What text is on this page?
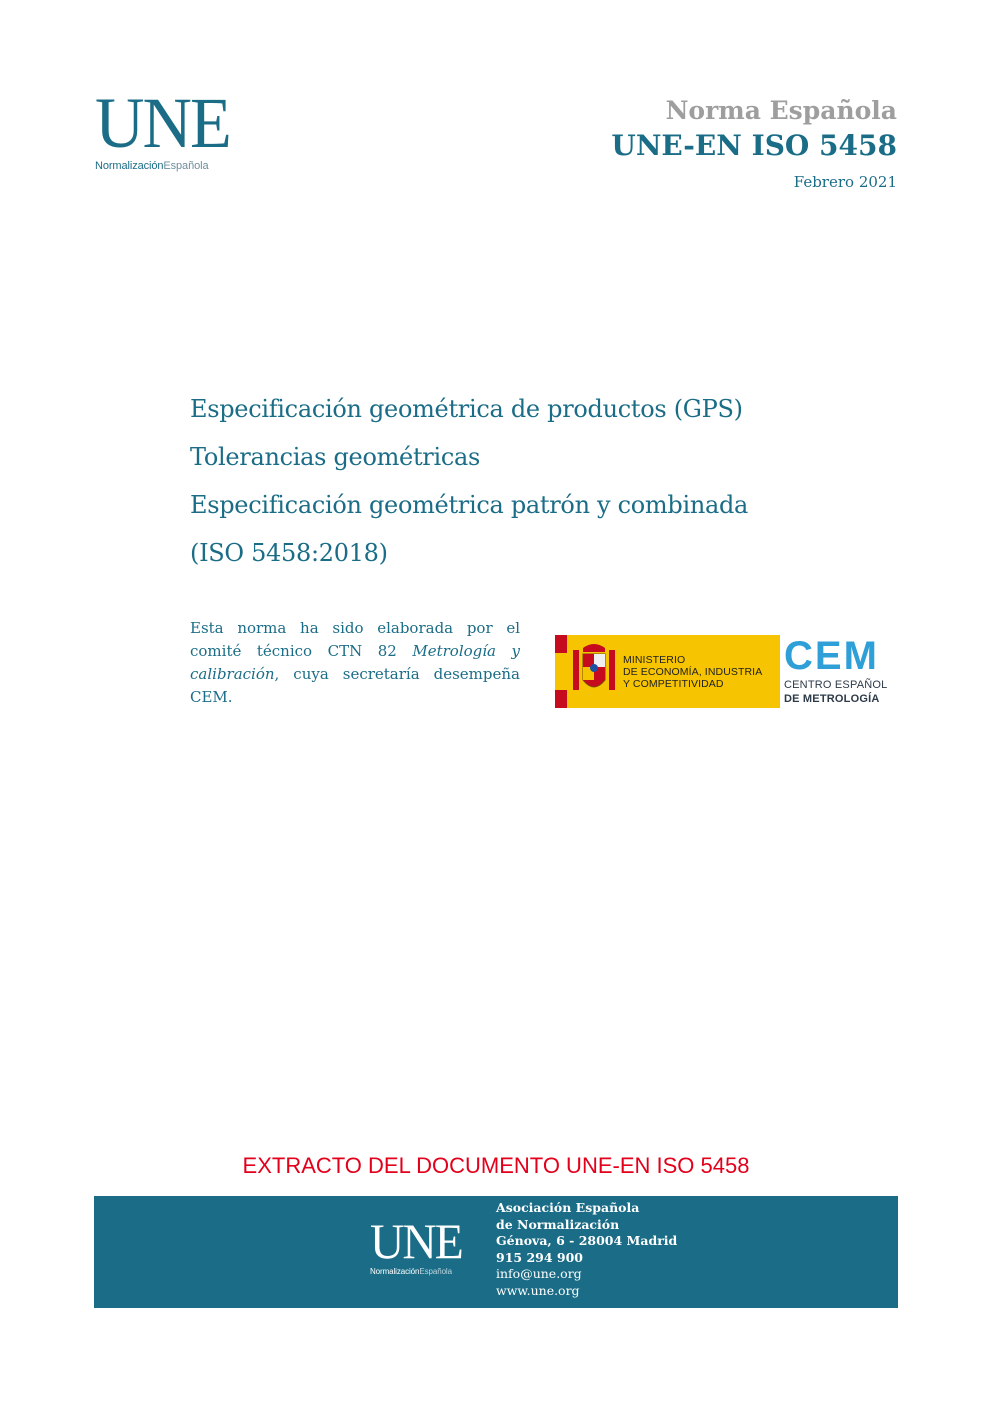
UNE
NormalizaciónEspañola
Norma Española
UNE-EN ISO 5458
Febrero 2021
Especificación geométrica de productos (GPS)
Tolerancias geométricas
Especificación geométrica patrón y combinada
(ISO 5458:2018)
Esta norma ha sido elaborada por el comité técnico CTN 82 Metrología y calibración, cuya secretaría desempeña CEM.
MINISTERIO
DE ECONOMÍA, INDUSTRIA
Y COMPETITIVIDAD
CEM
CENTRO ESPAÑOL
DE METROLOGÍA
EXTRACTO DEL DOCUMENTO UNE-EN ISO 5458
UNE
NormalizaciónEspañola
Asociación Española
de Normalización
Génova, 6 - 28004 Madrid
915 294 900
info@une.org
www.une.org
